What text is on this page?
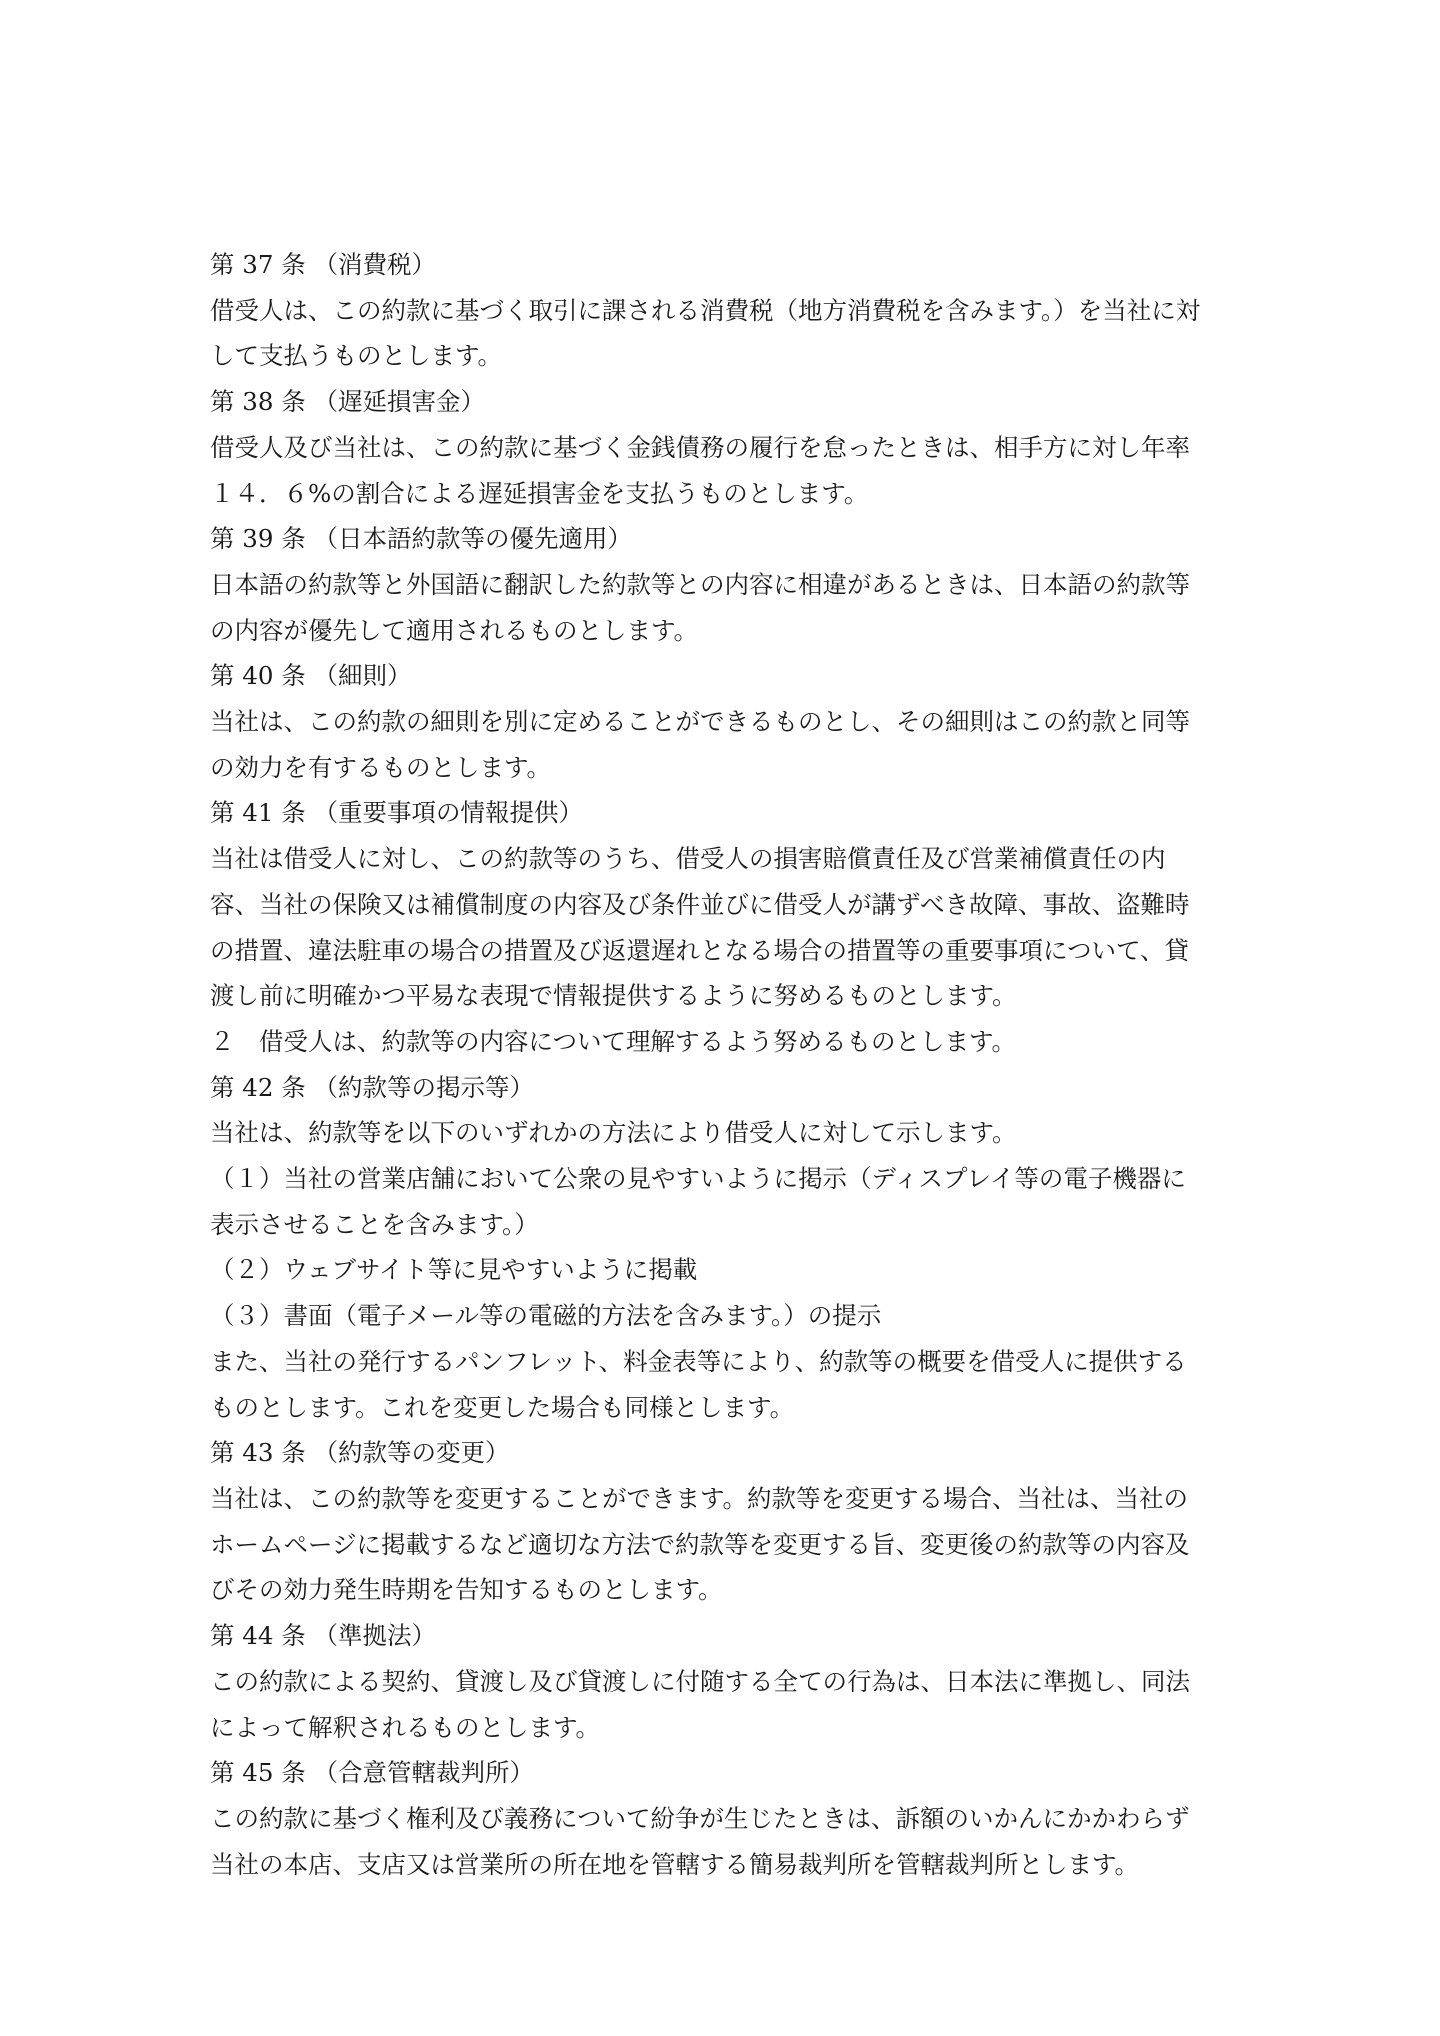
第 37 条 （消費税）

借受人は、この約款に基づく取引に課される消費税（地方消費税を含みます。）を当社に対

して支払うものとします。

第 38 条 （遅延損害金）

借受人及び当社は、この約款に基づく金銭債務の履行を怠ったときは、相手方に対し年率

１４．６%の割合による遅延損害金を支払うものとします。

第 39 条 （日本語約款等の優先適用）

日本語の約款等と外国語に翻訳した約款等との内容に相違があるときは、日本語の約款等

の内容が優先して適用されるものとします。

第 40 条 （細則）

当社は、この約款の細則を別に定めることができるものとし、その細則はこの約款と同等

の効力を有するものとします。

第 41 条 （重要事項の情報提供）

当社は借受人に対し、この約款等のうち、借受人の損害賠償責任及び営業補償責任の内

容、当社の保険又は補償制度の内容及び条件並びに借受人が講ずべき故障、事故、盗難時

の措置、違法駐車の場合の措置及び返還遅れとなる場合の措置等の重要事項について、貸

渡し前に明確かつ平易な表現で情報提供するように努めるものとします。

２　借受人は、約款等の内容について理解するよう努めるものとします。

第 42 条 （約款等の掲示等）

当社は、約款等を以下のいずれかの方法により借受人に対して示します。

（１）当社の営業店舗において公衆の見やすいように掲示（ディスプレイ等の電子機器に

表示させることを含みます。）

（２）ウェブサイト等に見やすいように掲載

（３）書面（電子メール等の電磁的方法を含みます。）の提示

また、当社の発行するパンフレット、料金表等により、約款等の概要を借受人に提供する

ものとします。これを変更した場合も同様とします。

第 43 条 （約款等の変更）

当社は、この約款等を変更することができます。約款等を変更する場合、当社は、当社の

ホームページに掲載するなど適切な方法で約款等を変更する旨、変更後の約款等の内容及

びその効力発生時期を告知するものとします。

第 44 条 （準拠法）

この約款による契約、貸渡し及び貸渡しに付随する全ての行為は、日本法に準拠し、同法

によって解釈されるものとします。

第 45 条 （合意管轄裁判所）

この約款に基づく権利及び義務について紛争が生じたときは、訴額のいかんにかかわらず

当社の本店、支店又は営業所の所在地を管轄する簡易裁判所を管轄裁判所とします。
